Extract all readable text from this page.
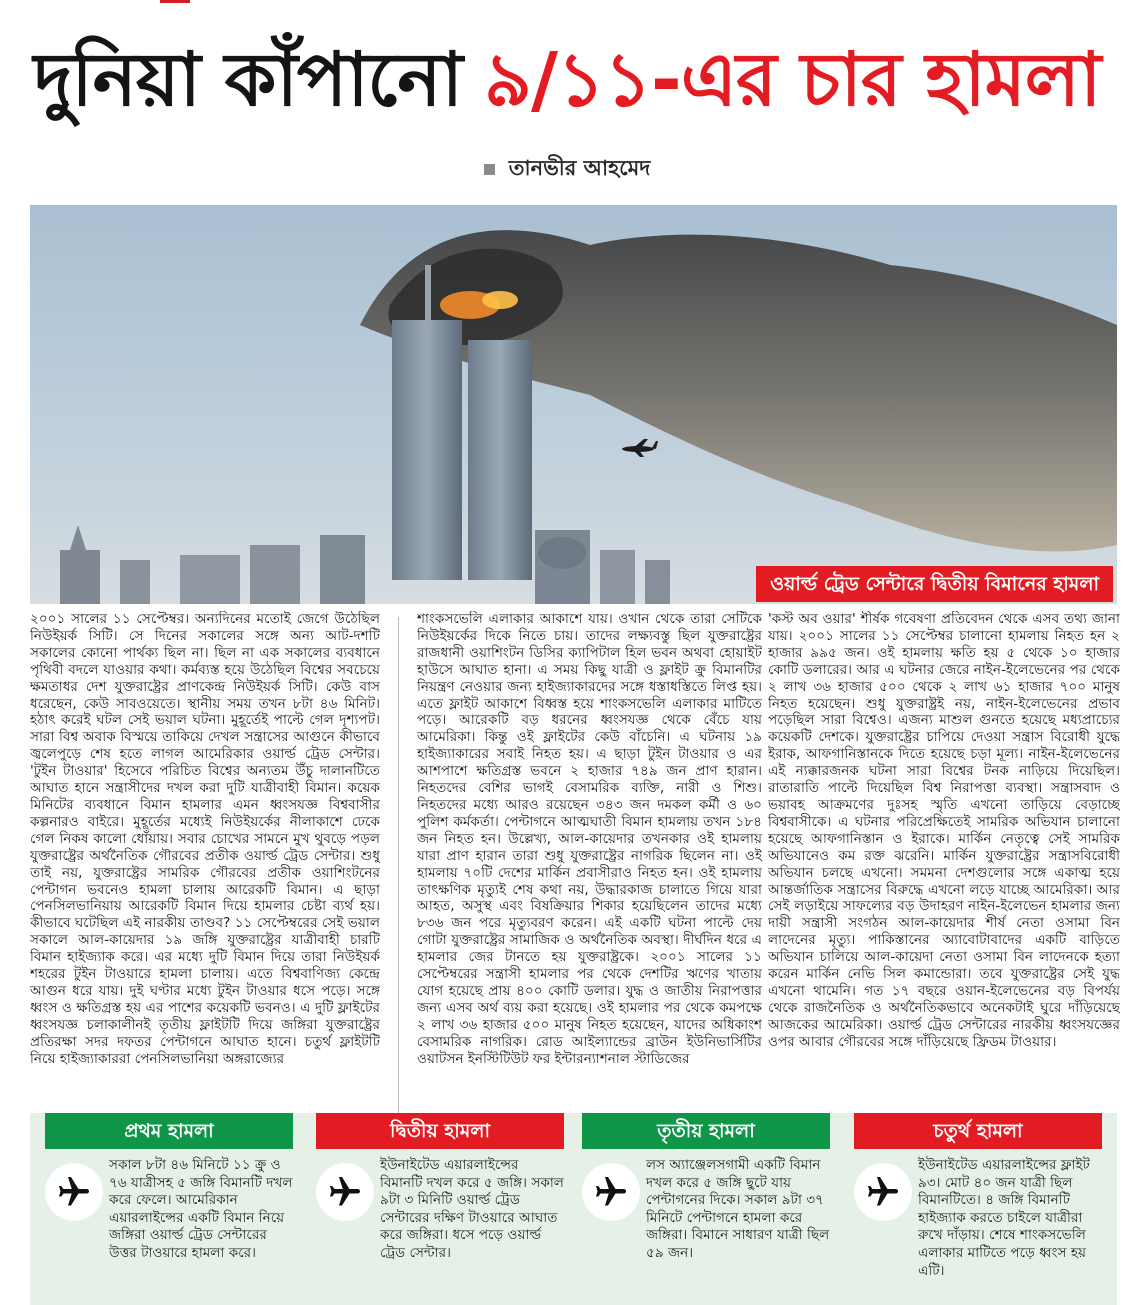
দুনিয়া কাঁপানো ৯/১১-এর চার হামলা
তানভীর আহমেদ
ওয়ার্ল্ড ট্রেড সেন্টারে দ্বিতীয় বিমানের হামলা

২০০১ সালের ১১ সেপ্টেম্বর। অন্যদিনের মতোই জেগে উঠেছিল নিউইয়র্ক সিটি। সে দিনের সকালের সঙ্গে অন্য আট-দশটি সকালের কোনো পার্থক্য ছিল না। ছিল না এক সকালের ব্যবধানে পৃথিবী বদলে যাওয়ার কথা। কর্মব্যস্ত হয়ে উঠেছিল বিশ্বের সবচেয়ে ক্ষমতাধর দেশ যুক্তরাষ্ট্রের প্রাণকেন্দ্র নিউইয়র্ক সিটি। কেউ বাস ধরেছেন, কেউ সাবওয়েতে। স্থানীয় সময় তখন ৮টা ৪৬ মিনিট। হঠাৎ করেই ঘটল সেই ভয়াল ঘটনা। মুহূর্তেই পাল্টে গেল দৃশ্যপট। সারা বিশ্ব অবাক বিস্ময়ে তাকিয়ে দেখল সন্ত্রাসের আগুনে কীভাবে জ্বলেপুড়ে শেষ হতে লাগল আমেরিকার ওয়ার্ল্ড ট্রেড সেন্টার। 'টুইন টাওয়ার' হিসেবে পরিচিত বিশ্বের অন্যতম উঁচু দালানটিতে আঘাত হানে সন্ত্রাসীদের দখল করা দুটি যাত্রীবাহী বিমান। কয়েক মিনিটের ব্যবধানে বিমান হামলার এমন ধ্বংসযজ্ঞ বিশ্ববাসীর কল্পনারও বাইরে। মুহূর্তের মধ্যেই নিউইয়র্কের নীলাকাশে ঢেকে গেল নিকষ কালো ধোঁয়ায়। সবার চোখের সামনে মুখ থুবড়ে পড়ল যুক্তরাষ্ট্রের অর্থনৈতিক গৌরবের প্রতীক ওয়ার্ল্ড ট্রেড সেন্টার। শুধু তাই নয়, যুক্তরাষ্ট্রের সামরিক গৌরবের প্রতীক ওয়াশিংটনের পেন্টাগন ভবনেও হামলা চালায় আরেকটি বিমান। এ ছাড়া পেনসিলভানিয়ায় আরেকটি বিমান দিয়ে হামলার চেষ্টা ব্যর্থ হয়। কীভাবে ঘটেছিল এই নারকীয় তাণ্ডব? ১১ সেপ্টেম্বরের সেই ভয়াল সকালে আল-কায়েদার ১৯ জঙ্গি যুক্তরাষ্ট্রের যাত্রীবাহী চারটি বিমান হাইজ্যাক করে। এর মধ্যে দুটি বিমান দিয়ে তারা নিউইয়র্ক শহরের টুইন টাওয়ারে হামলা চালায়। এতে বিশ্ববাণিজ্য কেন্দ্রে আগুন ধরে যায়। দুই ঘণ্টার মধ্যে টুইন টাওয়ার ধসে পড়ে। সঙ্গে ধ্বংস ও ক্ষতিগ্রস্ত হয় এর পাশের কয়েকটি ভবনও। এ দুটি ফ্লাইটের ধ্বংসযজ্ঞ চলাকালীনই তৃতীয় ফ্লাইটটি দিয়ে জঙ্গিরা যুক্তরাষ্ট্রের প্রতিরক্ষা সদর দফতর পেন্টাগনে আঘাত হানে। চতুর্থ ফ্লাইটটি নিয়ে হাইজ্যাকাররা পেনসিলভানিয়া অঙ্গরাজ্যের

শাংকসভেলি এলাকার আকাশে যায়। ওখান থেকে তারা সেটিকে নিউইয়র্কের দিকে নিতে চায়। তাদের লক্ষ্যবস্তু ছিল যুক্তরাষ্ট্রের রাজধানী ওয়াশিংটন ডিসির ক্যাপিটাল হিল ভবন অথবা হোয়াইট হাউসে আঘাত হানা। এ সময় কিছু যাত্রী ও ফ্লাইট ক্রু বিমানটির নিয়ন্ত্রণ নেওয়ার জন্য হাইজ্যাকারদের সঙ্গে ধস্তাধস্তিতে লিপ্ত হয়। এতে ফ্লাইট আকাশে বিধ্বস্ত হয়ে শাংকসভেলি এলাকার মাটিতে পড়ে। আরেকটি বড় ধরনের ধ্বংসযজ্ঞ থেকে বেঁচে যায় আমেরিকা। কিন্তু ওই ফ্লাইটের কেউ বাঁচেনি। এ ঘটনায় ১৯ হাইজ্যাকারের সবাই নিহত হয়। এ ছাড়া টুইন টাওয়ার ও এর আশপাশে ক্ষতিগ্রস্ত ভবনে ২ হাজার ৭৪৯ জন প্রাণ হারান। নিহতদের বেশির ভাগই বেসামরিক ব্যক্তি, নারী ও শিশু। নিহতদের মধ্যে আরও রয়েছেন ৩৪৩ জন দমকল কর্মী ও ৬০ পুলিশ কর্মকর্তা। পেন্টাগনে আত্মঘাতী বিমান হামলায় তখন ১৮৪ জন নিহত হন। উল্লেখ্য, আল-কায়েদার তখনকার ওই হামলায় যারা প্রাণ হারান তারা শুধু যুক্তরাষ্ট্রের নাগরিক ছিলেন না। ওই হামলায় ৭০টি দেশের মার্কিন প্রবাসীরাও নিহত হন। ওই হামলায় তাৎক্ষণিক মৃত্যুই শেষ কথা নয়, উদ্ধারকাজ চালাতে গিয়ে যারা আহত, অসুস্থ এবং বিষক্রিয়ার শিকার হয়েছিলেন তাদের মধ্যে ৮৩৬ জন পরে মৃত্যুবরণ করেন। এই একটি ঘটনা পাল্টে দেয় গোটা যুক্তরাষ্ট্রের সামাজিক ও অর্থনৈতিক অবস্থা। দীর্ঘদিন ধরে এ হামলার জের টানতে হয় যুক্তরাষ্ট্রকে। ২০০১ সালের ১১ সেপ্টেম্বরের সন্ত্রাসী হামলার পর থেকে দেশটির ঋণের খাতায় যোগ হয়েছে প্রায় ৪০০ কোটি ডলার। যুদ্ধ ও জাতীয় নিরাপত্তার জন্য এসব অর্থ ব্যয় করা হয়েছে। ওই হামলার পর থেকে কমপক্ষে ২ লাখ ৩৬ হাজার ৫০০ মানুষ নিহত হয়েছেন, যাদের অধিকাংশ বেসামরিক নাগরিক। রোড আইল্যান্ডের ব্রাউন ইউনিভার্সিটির ওয়াটসন ইনস্টিটিউট ফর ইন্টারন্যাশনাল স্টাডিজের

'কস্ট অব ওয়ার' শীর্ষক গবেষণা প্রতিবেদন থেকে এসব তথ্য জানা যায়। ২০০১ সালের ১১ সেপ্টেম্বর চালানো হামলায় নিহত হন ২ হাজার ৯৯৫ জন। ওই হামলায় ক্ষতি হয় ৫ থেকে ১০ হাজার কোটি ডলারের। আর এ ঘটনার জেরে নাইন-ইলেভেনের পর থেকে ২ লাখ ৩৬ হাজার ৫০০ থেকে ২ লাখ ৬১ হাজার ৭০০ মানুষ নিহত হয়েছেন। শুধু যুক্তরাষ্ট্রই নয়, নাইন-ইলেভেনের প্রভাব পড়েছিল সারা বিশ্বেও। এজন্য মাশুল গুনতে হয়েছে মধ্যপ্রাচ্যের কয়েকটি দেশকে। যুক্তরাষ্ট্রের চাপিয়ে দেওয়া সন্ত্রাস বিরোধী যুদ্ধে ইরাক, আফগানিস্তানকে দিতে হয়েছে চড়া মূল্য। নাইন-ইলেভেনের এই ন্যক্কারজনক ঘটনা সারা বিশ্বের টনক নাড়িয়ে দিয়েছিল। রাতারাতি পাল্টে দিয়েছিল বিশ্ব নিরাপত্তা ব্যবস্থা। সন্ত্রাসবাদ ও ভয়াবহ আক্রমণের দুঃসহ স্মৃতি এখনো তাড়িয়ে বেড়াচ্ছে বিশ্ববাসীকে। এ ঘটনার পরিপ্রেক্ষিতেই সামরিক অভিযান চালানো হয়েছে আফগানিস্তান ও ইরাকে। মার্কিন নেতৃত্বে সেই সামরিক অভিযানেও কম রক্ত ঝরেনি। মার্কিন যুক্তরাষ্ট্রের সন্ত্রাসবিরোধী অভিযান চলছে এখনো। সমমনা দেশগুলোর সঙ্গে একাত্ম হয়ে আন্তর্জাতিক সন্ত্রাসের বিরুদ্ধে এখনো লড়ে যাচ্ছে আমেরিকা। আর সেই লড়াইয়ে সাফল্যের বড় উদাহরণ নাইন-ইলেভেন হামলার জন্য দায়ী সন্ত্রাসী সংগঠন আল-কায়েদার শীর্ষ নেতা ওসামা বিন লাদেনের মৃত্যু। পাকিস্তানের অ্যাবোটাবাদের একটি বাড়িতে অভিযান চালিয়ে আল-কায়েদা নেতা ওসামা বিন লাদেনকে হত্যা করেন মার্কিন নেভি সিল কমান্ডোরা। তবে যুক্তরাষ্ট্রের সেই যুদ্ধ এখনো থামেনি। গত ১৭ বছরে ওয়ান-ইলেভেনের বড় বিপর্যয় থেকে রাজনৈতিক ও অর্থনৈতিকভাবে অনেকটাই ঘুরে দাঁড়িয়েছে আজকের আমেরিকা। ওয়ার্ল্ড ট্রেড সেন্টারের নারকীয় ধ্বংসযজ্ঞের ওপর আবার গৌরবের সঙ্গে দাঁড়িয়েছে ফ্রিডম টাওয়ার।

প্রথম হামলা
সকাল ৮টা ৪৬ মিনিটে ১১ ক্রু ও ৭৬ যাত্রীসহ ৫ জঙ্গি বিমানটি দখল করে ফেলে। আমেরিকান এয়ারলাইন্সের একটি বিমান নিয়ে জঙ্গিরা ওয়ার্ল্ড ট্রেড সেন্টারের উত্তর টাওয়ারে হামলা করে।
দ্বিতীয় হামলা
ইউনাইটেড এয়ারলাইন্সের বিমানটি দখল করে ৫ জঙ্গি। সকাল ৯টা ৩ মিনিটি ওয়ার্ল্ড ট্রেড সেন্টারের দক্ষিণ টাওয়ারে আঘাত করে জঙ্গিরা। ধসে পড়ে ওয়ার্ল্ড ট্রেড সেন্টার।
তৃতীয় হামলা
লস অ্যাঞ্জেলসগামী একটি বিমান দখল করে ৫ জঙ্গি ছুটে যায় পেন্টাগনের দিকে। সকাল ৯টা ৩৭ মিনিটে পেন্টাগনে হামলা করে জঙ্গিরা। বিমানে সাধারণ যাত্রী ছিল ৫৯ জন।
চতুর্থ হামলা
ইউনাইটেড এয়ারলাইন্সের ফ্লাইট ৯৩। মোট ৪০ জন যাত্রী ছিল বিমানটিতে। ৪ জঙ্গি বিমানটি হাইজ্যাক করতে চাইলে যাত্রীরা রুখে দাঁড়ায়। শেষে শাংকসভেলি এলাকার মাটিতে পড়ে ধ্বংস হয় এটি।
